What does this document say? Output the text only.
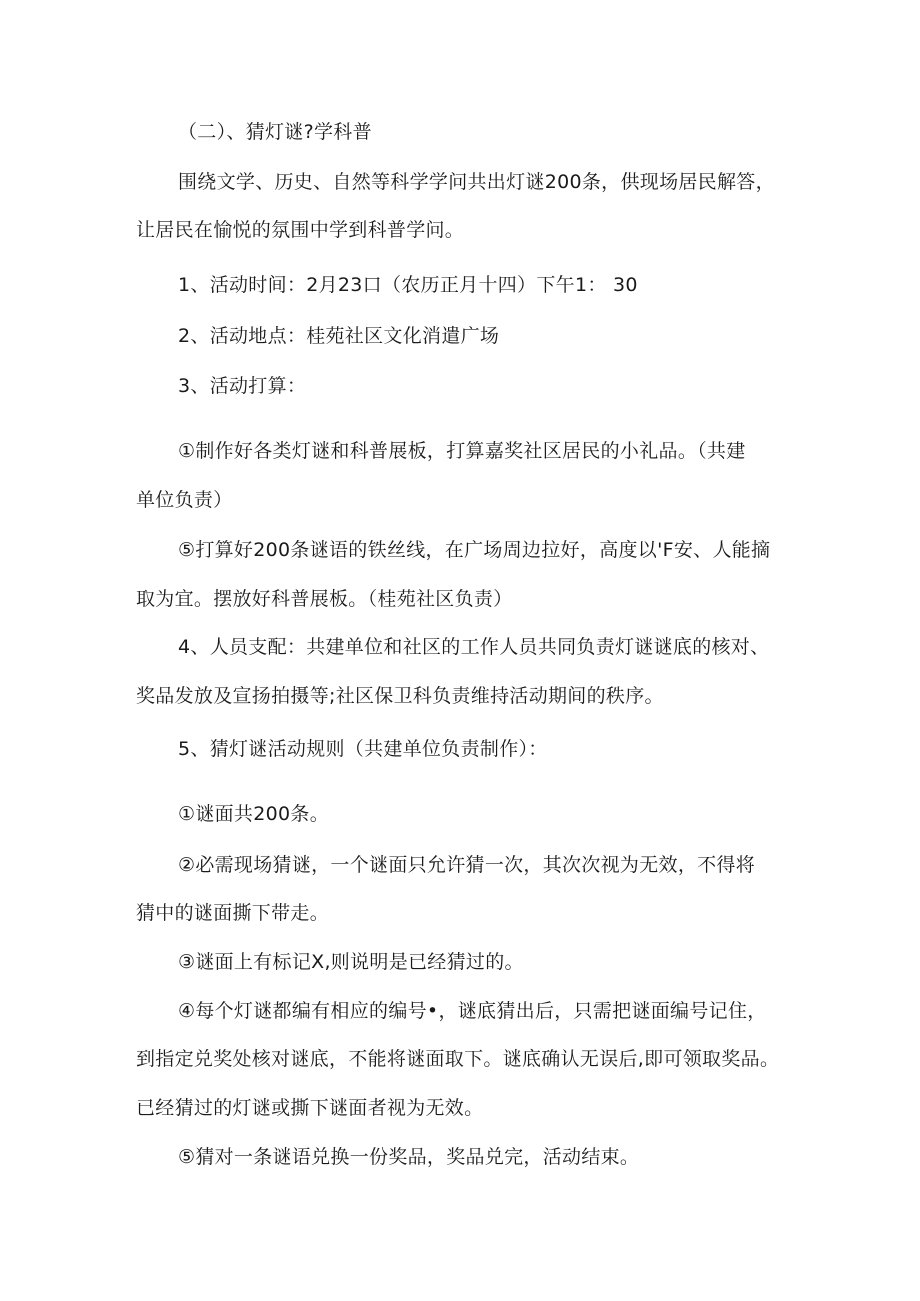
（二）、猜灯谜?学科普
围绕文学、历史、自然等科学学问共出灯谜200条，供现场居民解答，
让居民在愉悦的氛围中学到科普学问。
1、活动时间：2月23口（农历正月十四）下午1： 30
2、活动地点：桂苑社区文化消遣广场
3、活动打算：
①制作好各类灯谜和科普展板，打算嘉奖社区居民的小礼品。（共建
单位负责）
⑤打算好200条谜语的铁丝线，在广场周边拉好，高度以'F安、人能摘
取为宜。摆放好科普展板。（桂苑社区负责）
4、人员支配：共建单位和社区的工作人员共同负责灯谜谜底的核对、
奖品发放及宣扬拍摄等;社区保卫科负责维持活动期间的秩序。
5、猜灯谜活动规则（共建单位负责制作）：
①谜面共200条。
②必需现场猜谜，一个谜面只允许猜一次，其次次视为无效，不得将
猜中的谜面撕下带走。
③谜面上有标记X,则说明是已经猜过的。
④每个灯谜都编有相应的编号•，谜底猜出后，只需把谜面编号记住，
到指定兑奖处核对谜底，不能将谜面取下。谜底确认无误后,即可领取奖品。
已经猜过的灯谜或撕下谜面者视为无效。
⑤猜对一条谜语兑换一份奖品，奖品兑完，活动结束。
